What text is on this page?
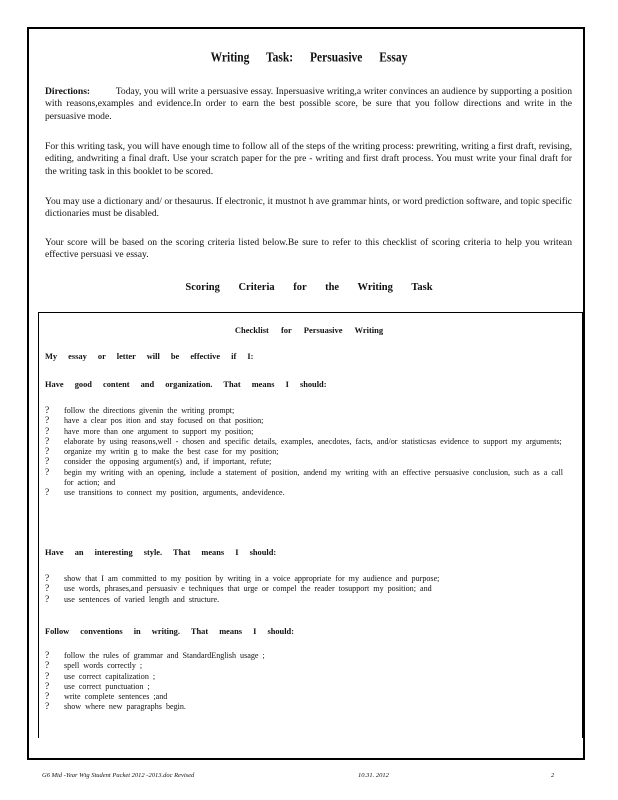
Writing Task: Persuasive Essay
Directions:	Today, you will write a persuasive essay. Inpersuasive writing,a writer convinces an audience by supporting a position with reasons,examples and evidence.In order to earn the best possible score, be sure that you follow directions and write in the persuasive mode.
For this writing task, you will have enough time to follow all of the steps of the writing process: prewriting, writing a first draft, revising, editing, andwriting a final draft. Use your scratch paper for the pre - writing and first draft process. You must write your final draft for the writing task in this booklet to be scored.
You may use a dictionary and/ or thesaurus. If electronic, it mustnot h ave grammar hints, or word prediction software, and topic specific dictionaries must be disabled.
Your score will be based on the scoring criteria listed below.Be sure to refer to this checklist of scoring criteria to help you writean effective persuasi ve essay.
Scoring Criteria for the Writing Task
Checklist for Persuasive Writing
My essay or letter will be effective if I:
Have good content and organization. That means I should:
? follow the directions givenin the writing prompt;
? have a clear pos ition and stay focused on that position;
? have more than one argument to support my position;
? elaborate by using reasons,well - chosen and specific details, examples, anecdotes, facts, and/or statisticsas evidence to support my arguments;
? organize my writin g to make the best case for my position;
? consider the opposing argument(s) and, if important, refute;
? begin my writing with an opening, include a statement of position, andend my writing with an effective persuasive conclusion, such as a call for action; and
? use transitions to connect my position, arguments, andevidence.
Have an interesting style. That means I should:
? show that I am committed to my position by writing in a voice appropriate for my audience and purpose;
? use words, phrases,and persuasiv e techniques that urge or compel the reader tosupport my position; and
? use sentences of varied length and structure.
Follow conventions in writing. That means I should:
? follow the rules of grammar and StandardEnglish usage ;
? spell words correctly ;
? use correct capitalization ;
? use correct punctuation ;
? write complete sentences ;and
? show where new paragraphs begin.
G6 Mid -Year Wtg Student Packet 2012 -2013.doc Revised	10.31. 2012	2
